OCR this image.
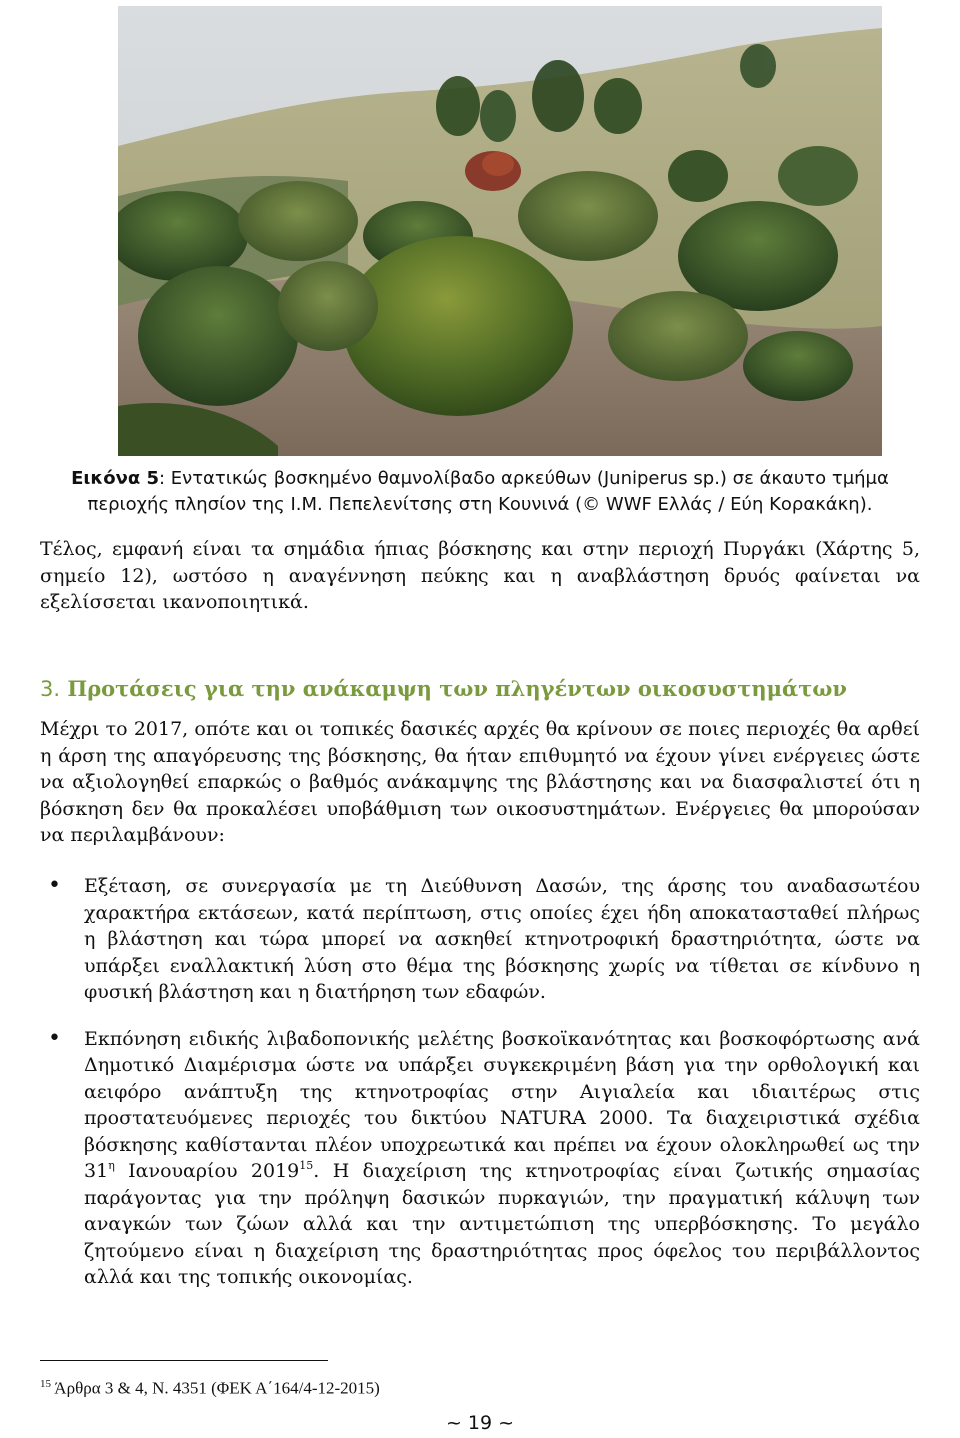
Εικόνα 5: Εντατικώς βοσκημένο θαμνολίβαδο αρκεύθων (Juniperus sp.) σε άκαυτο τμήμα περιοχής πλησίον της Ι.Μ. Πεπελενίτσης στη Κουνινά (© WWF Ελλάς / Εύη Κορακάκη).

Τέλος, εμφανή είναι τα σημάδια ήπιας βόσκησης και στην περιοχή Πυργάκι (Χάρτης 5, σημείο 12), ωστόσο η αναγέννηση πεύκης και η αναβλάστηση δρυός φαίνεται να εξελίσσεται ικανοποιητικά.

3. Προτάσεις για την ανάκαμψη των πληγέντων οικοσυστημάτων

Μέχρι το 2017, οπότε και οι τοπικές δασικές αρχές θα κρίνουν σε ποιες περιοχές θα αρθεί η άρση της απαγόρευσης της βόσκησης, θα ήταν επιθυμητό να έχουν γίνει ενέργειες ώστε να αξιολογηθεί επαρκώς ο βαθμός ανάκαμψης της βλάστησης και να διασφαλιστεί ότι η βόσκηση δεν θα προκαλέσει υποβάθμιση των οικοσυστημάτων. Ενέργειες θα μπορούσαν να περιλαμβάνουν:

• Εξέταση, σε συνεργασία με τη Διεύθυνση Δασών, της άρσης του αναδασωτέου χαρακτήρα εκτάσεων, κατά περίπτωση, στις οποίες έχει ήδη αποκατασταθεί πλήρως η βλάστηση και τώρα μπορεί να ασκηθεί κτηνοτροφική δραστηριότητα, ώστε να υπάρξει εναλλακτική λύση στο θέμα της βόσκησης χωρίς να τίθεται σε κίνδυνο η φυσική βλάστηση και η διατήρηση των εδαφών.
• Εκπόνηση ειδικής λιβαδοπονικής μελέτης βοσκοϊκανότητας και βοσκοφόρτωσης ανά Δημοτικό Διαμέρισμα ώστε να υπάρξει συγκεκριμένη βάση για την ορθολογική και αειφόρο ανάπτυξη της κτηνοτροφίας στην Αιγιαλεία και ιδιαιτέρως στις προστατευόμενες περιοχές του δικτύου NATURA 2000. Τα διαχειριστικά σχέδια βόσκησης καθίστανται πλέον υποχρεωτικά και πρέπει να έχουν ολοκληρωθεί ως την $31^\eta$ Ιανουαρίου 2019$^{15}$. Η διαχείριση της κτηνοτροφίας είναι ζωτικής σημασίας παράγοντας για την πρόληψη δασικών πυρκαγιών, την πραγματική κάλυψη των αναγκών των ζώων αλλά και την αντιμετώπιση της υπερβόσκησης. Το μεγάλο ζητούμενο είναι η διαχείριση της δραστηριότητας προς όφελος του περιβάλλοντος αλλά και της τοπικής οικονομίας.
$^{15}$ Άρθρα 3 & 4, Ν. 4351 (ΦΕΚ Α΄164/4-12-2015)
~ 19 ~
